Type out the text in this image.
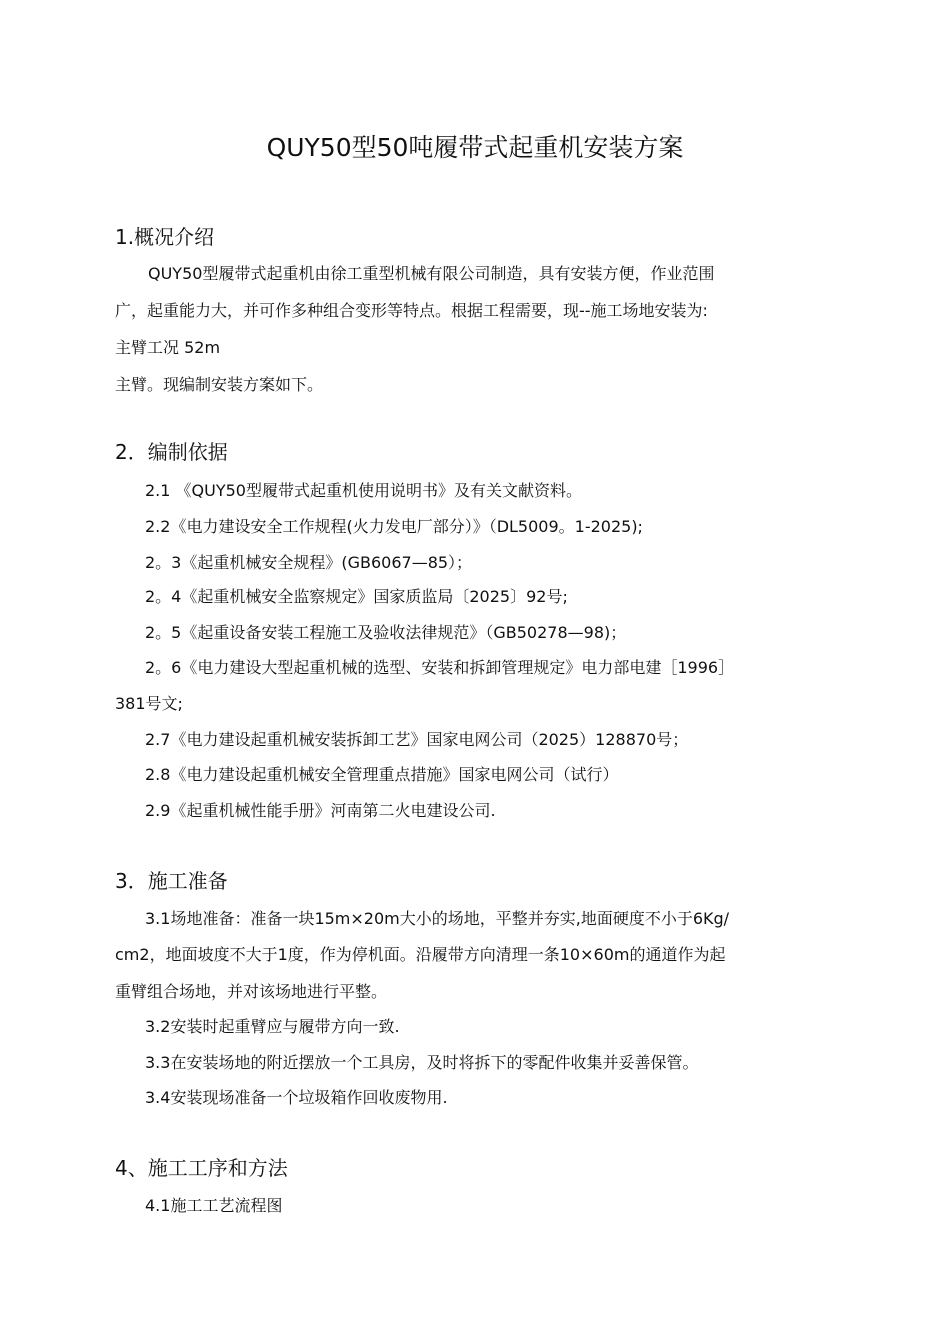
QUY50型50吨履带式起重机安装方案
1.概况介绍
QUY50型履带式起重机由徐工重型机械有限公司制造，具有安装方便，作业范围
广，起重能力大，并可作多种组合变形等特点。根据工程需要，现--施工场地安装为:
主臂工况 52m
主臂。现编制安装方案如下。
2．编制依据
2.1 《QUY50型履带式起重机使用说明书》及有关文献资料。
2.2《电力建设安全工作规程(火力发电厂部分）》（DL5009。1-2025);
2。3《起重机械安全规程》(GB6067—85）；
2。4《起重机械安全监察规定》国家质监局〔2025〕92号;
2。5《起重设备安装工程施工及验收法律规范》（GB50278—98)；
2。6《电力建设大型起重机械的选型、安装和拆卸管理规定》电力部电建［1996］
381号文;
2.7《电力建设起重机械安装拆卸工艺》国家电网公司（2025）128870号；
2.8《电力建设起重机械安全管理重点措施》国家电网公司（试行）
2.9《起重机械性能手册》河南第二火电建设公司.
3．施工准备
3.1场地准备：准备一块15m×20m大小的场地，平整并夯实,地面硬度不小于6Kg/
cm2，地面坡度不大于1度，作为停机面。沿履带方向清理一条10×60m的通道作为起
重臂组合场地，并对该场地进行平整。
3.2安装时起重臂应与履带方向一致.
3.3在安装场地的附近摆放一个工具房，及时将拆下的零配件收集并妥善保管。
3.4安装现场准备一个垃圾箱作回收废物用.
4、施工工序和方法
4.1施工工艺流程图
